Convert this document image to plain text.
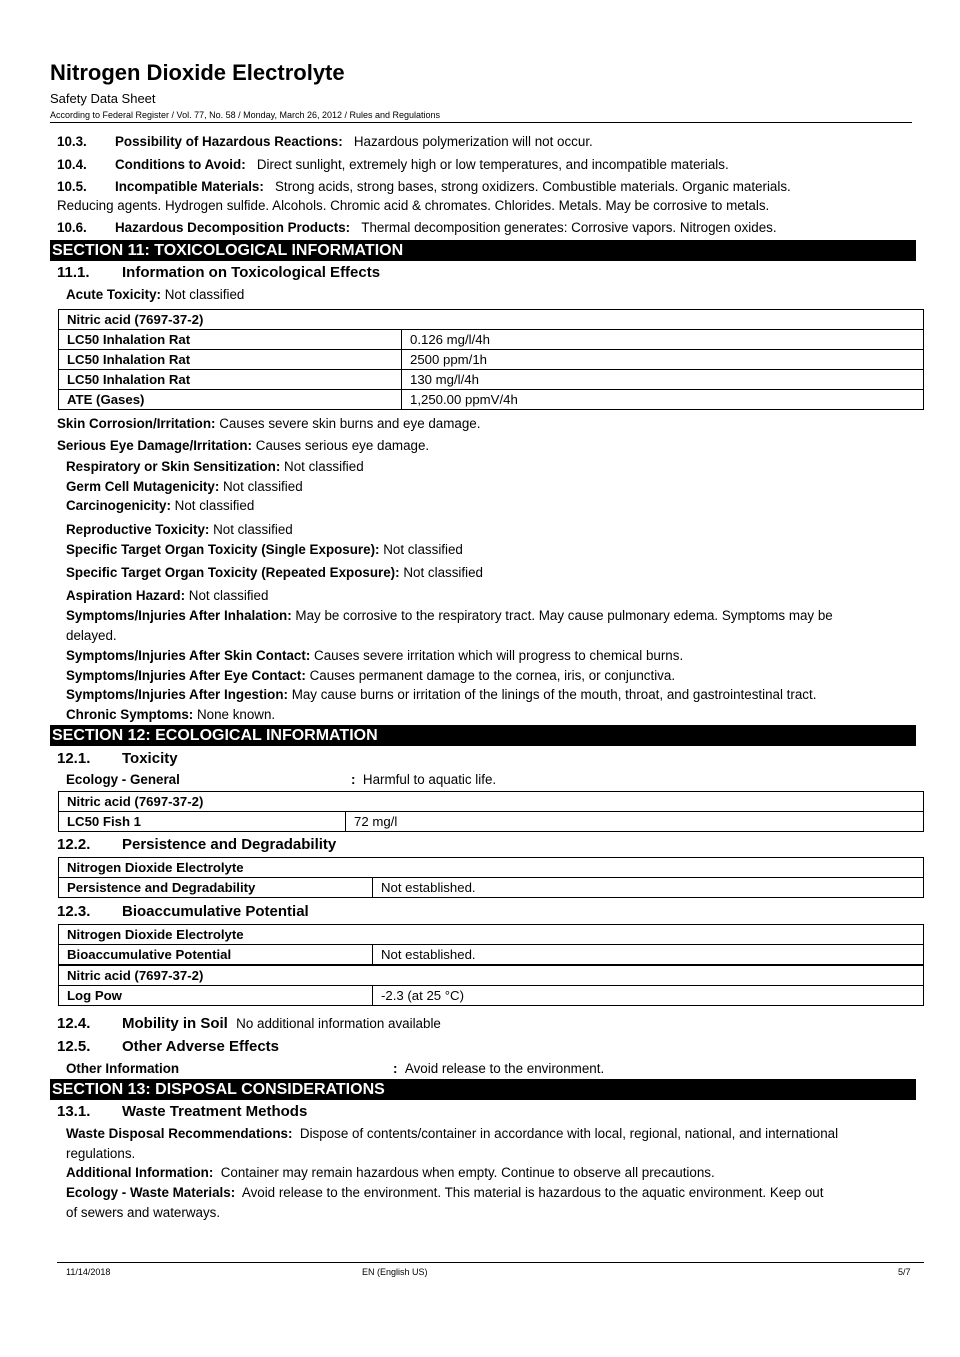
Nitrogen Dioxide Electrolyte
Safety Data Sheet
According to Federal Register / Vol. 77, No. 58 / Monday, March 26, 2012 / Rules and Regulations
10.3. Possibility of Hazardous Reactions: Hazardous polymerization will not occur.
10.4. Conditions to Avoid: Direct sunlight, extremely high or low temperatures, and incompatible materials.
10.5. Incompatible Materials: Strong acids, strong bases, strong oxidizers. Combustible materials. Organic materials.
Reducing agents. Hydrogen sulfide. Alcohols. Chromic acid & chromates. Chlorides. Metals. May be corrosive to metals.
10.6. Hazardous Decomposition Products: Thermal decomposition generates: Corrosive vapors. Nitrogen oxides.
SECTION 11: TOXICOLOGICAL INFORMATION
11.1. Information on Toxicological Effects
Acute Toxicity: Not classified
Nitric acid (7697-37-2)	
LC50 Inhalation Rat	0.126 mg/l/4h
LC50 Inhalation Rat	2500 ppm/1h
LC50 Inhalation Rat	130 mg/l/4h
ATE (Gases)	1,250.00 ppmV/4h
Skin Corrosion/Irritation: Causes severe skin burns and eye damage.
Serious Eye Damage/Irritation: Causes serious eye damage.
Respiratory or Skin Sensitization: Not classified
Germ Cell Mutagenicity: Not classified
Carcinogenicity: Not classified
Reproductive Toxicity: Not classified
Specific Target Organ Toxicity (Single Exposure): Not classified
Specific Target Organ Toxicity (Repeated Exposure): Not classified
Aspiration Hazard: Not classified
Symptoms/Injuries After Inhalation: May be corrosive to the respiratory tract. May cause pulmonary edema. Symptoms may be
delayed.
Symptoms/Injuries After Skin Contact: Causes severe irritation which will progress to chemical burns.
Symptoms/Injuries After Eye Contact: Causes permanent damage to the cornea, iris, or conjunctiva.
Symptoms/Injuries After Ingestion: May cause burns or irritation of the linings of the mouth, throat, and gastrointestinal tract.
Chronic Symptoms: None known.
SECTION 12: ECOLOGICAL INFORMATION
12.1. Toxicity
Ecology - General	: Harmful to aquatic life.
Nitric acid (7697-37-2)
LC50 Fish 1	72 mg/l
12.2. Persistence and Degradability
Nitrogen Dioxide Electrolyte
Persistence and Degradability	Not established.
12.3. Bioaccumulative Potential
Nitrogen Dioxide Electrolyte	
Bioaccumulative Potential	Not established.
Nitric acid (7697-37-2)	
Log Pow	-2.3 (at 25 °C)
12.4. Mobility in Soil No additional information available
12.5. Other Adverse Effects
Other Information	: Avoid release to the environment.
SECTION 13: DISPOSAL CONSIDERATIONS
13.1. Waste Treatment Methods
Waste Disposal Recommendations: Dispose of contents/container in accordance with local, regional, national, and international
regulations.
Additional Information: Container may remain hazardous when empty. Continue to observe all precautions.
Ecology - Waste Materials: Avoid release to the environment. This material is hazardous to the aquatic environment. Keep out
of sewers and waterways.
11/14/2018	EN (English US)	5/7
